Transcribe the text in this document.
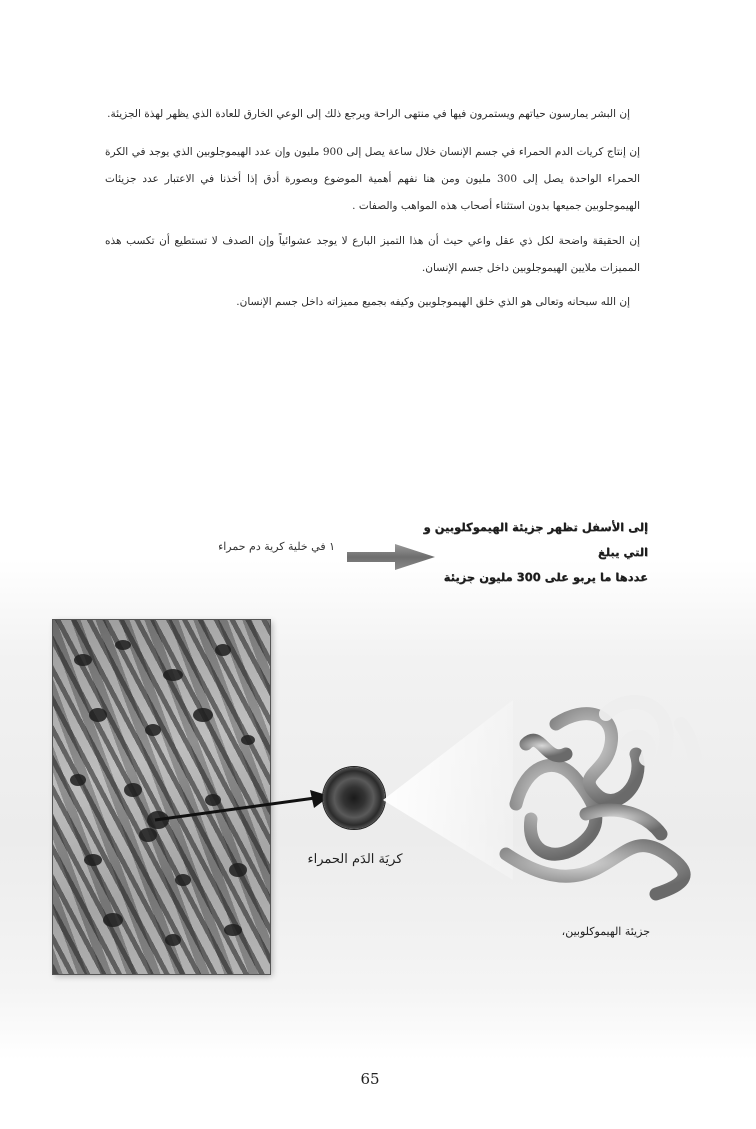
إن البشر يمارسون حياتهم ويستمرون فيها في منتهى الراحة ويرجع ذلك إلى الوعي الخارق للعادة الذي يظهر لهذة الجزيئة.

إن إنتاج كريات الدم الحمراء في جسم الإنسان خلال ساعة يصل إلى 900 مليون وإن عدد الهيموجلوبين الذي يوجد في الكرة الحمراء الواحدة يصل إلى 300 مليون ومن هنا نفهم أهمية الموضوع وبصورة أدق إذا أخذنا في الاعتبار عدد جزيئات الهيموجلوبين جميعها بدون استثناء أصحاب هذه المواهب والصفات .

إن الحقيقة واضحة لكل ذي عقل واعي حيث أن هذا التميز البارع لا يوجد عشوائياً وإن الصدف لا تستطيع أن تكسب هذه المميزات ملايين الهيموجلوبين داخل جسم الإنسان.

إن الله سبحانه وتعالى هو الذي خلق الهيموجلوبين وكيفه بجميع مميزاته داخل جسم الإنسان.

إلى الأسفل تظهر جزيئة الهيموكلوبين و التي يبلغ
عددها ما يربو على 300 مليون جزيئة
١ في خلية كرية دم حمراء
كريَة الدَم الحمراء
جزيئة الهيموكلوبين،
65
